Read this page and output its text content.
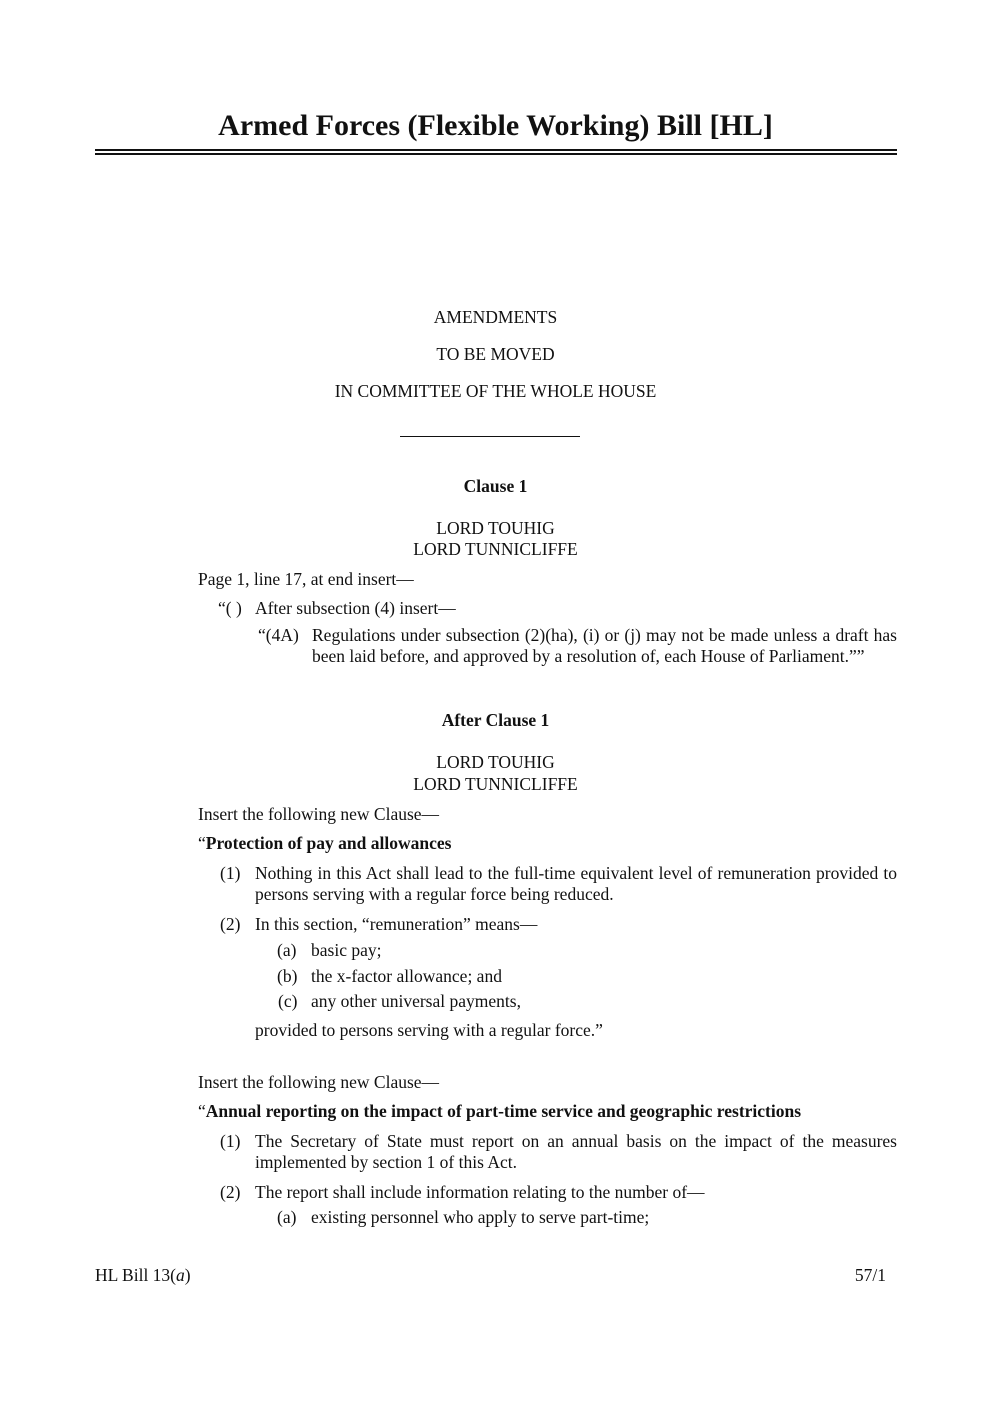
Armed Forces (Flexible Working) Bill [HL]
AMENDMENTS
TO BE MOVED
IN COMMITTEE OF THE WHOLE HOUSE
Clause 1
LORD TOUHIG
LORD TUNNICLIFFE
Page 1, line 17, at end insert—
“( ) After subsection (4) insert—
“(4A) Regulations under subsection (2)(ha), (i) or (j) may not be made unless a draft has been laid before, and approved by a resolution of, each House of Parliament.””
After Clause 1
LORD TOUHIG
LORD TUNNICLIFFE
Insert the following new Clause—
“Protection of pay and allowances
(1) Nothing in this Act shall lead to the full-time equivalent level of remuneration provided to persons serving with a regular force being reduced.
(2) In this section, “remuneration” means—
(a) basic pay;
(b) the x-factor allowance; and
(c) any other universal payments,
provided to persons serving with a regular force.”
Insert the following new Clause—
“Annual reporting on the impact of part-time service and geographic restrictions
(1) The Secretary of State must report on an annual basis on the impact of the measures implemented by section 1 of this Act.
(2) The report shall include information relating to the number of—
(a) existing personnel who apply to serve part-time;
HL Bill 13(a)	57/1
